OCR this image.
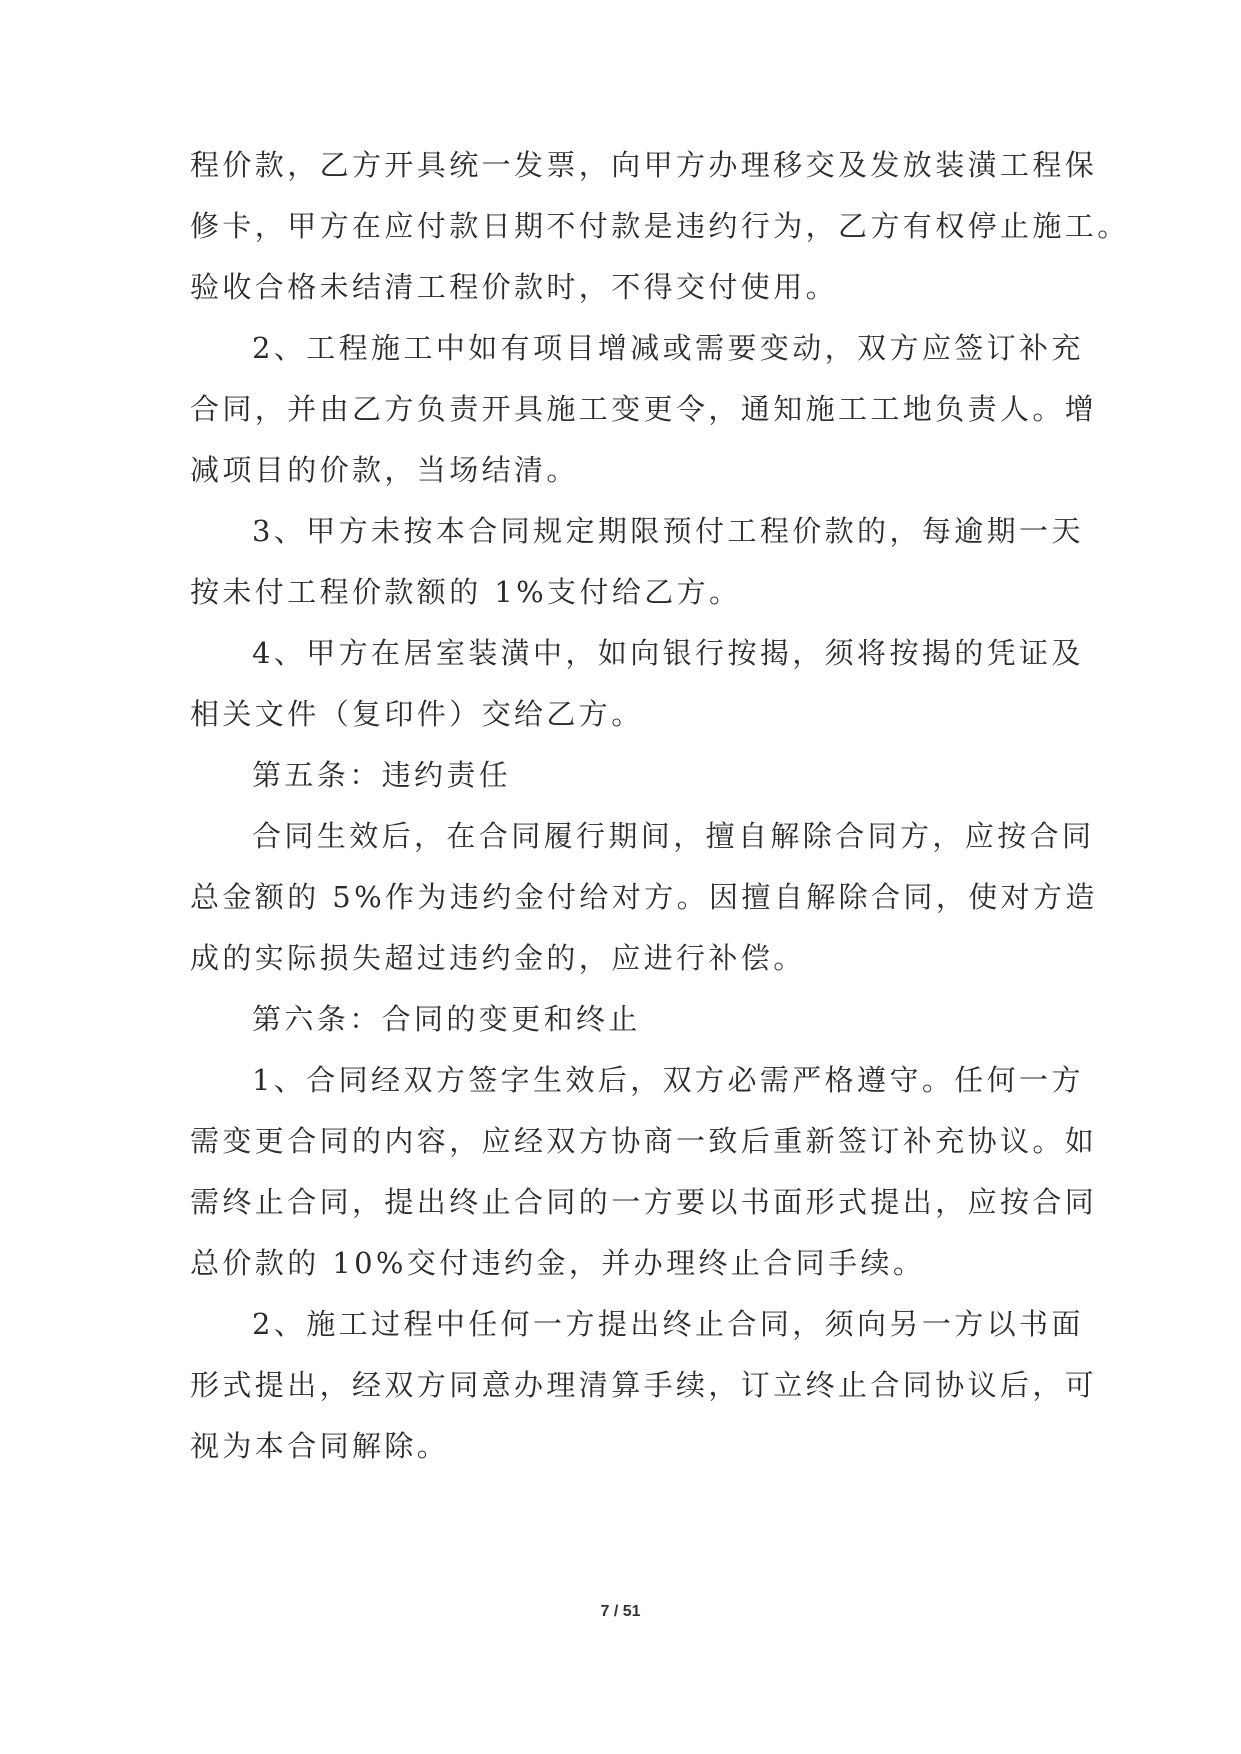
程价款，乙方开具统一发票，向甲方办理移交及发放装潢工程保
修卡，甲方在应付款日期不付款是违约行为，乙方有权停止施工。
验收合格未结清工程价款时，不得交付使用。
2、工程施工中如有项目增减或需要变动，双方应签订补充
合同，并由乙方负责开具施工变更令，通知施工工地负责人。增
减项目的价款，当场结清。
3、甲方未按本合同规定期限预付工程价款的，每逾期一天
按未付工程价款额的 1%支付给乙方。
4、甲方在居室装潢中，如向银行按揭，须将按揭的凭证及
相关文件（复印件）交给乙方。
第五条：违约责任
合同生效后，在合同履行期间，擅自解除合同方，应按合同
总金额的 5%作为违约金付给对方。因擅自解除合同，使对方造
成的实际损失超过违约金的，应进行补偿。
第六条：合同的变更和终止
1、合同经双方签字生效后，双方必需严格遵守。任何一方
需变更合同的内容，应经双方协商一致后重新签订补充协议。如
需终止合同，提出终止合同的一方要以书面形式提出，应按合同
总价款的 10%交付违约金，并办理终止合同手续。
2、施工过程中任何一方提出终止合同，须向另一方以书面
形式提出，经双方同意办理清算手续，订立终止合同协议后，可
视为本合同解除。
7 / 51
